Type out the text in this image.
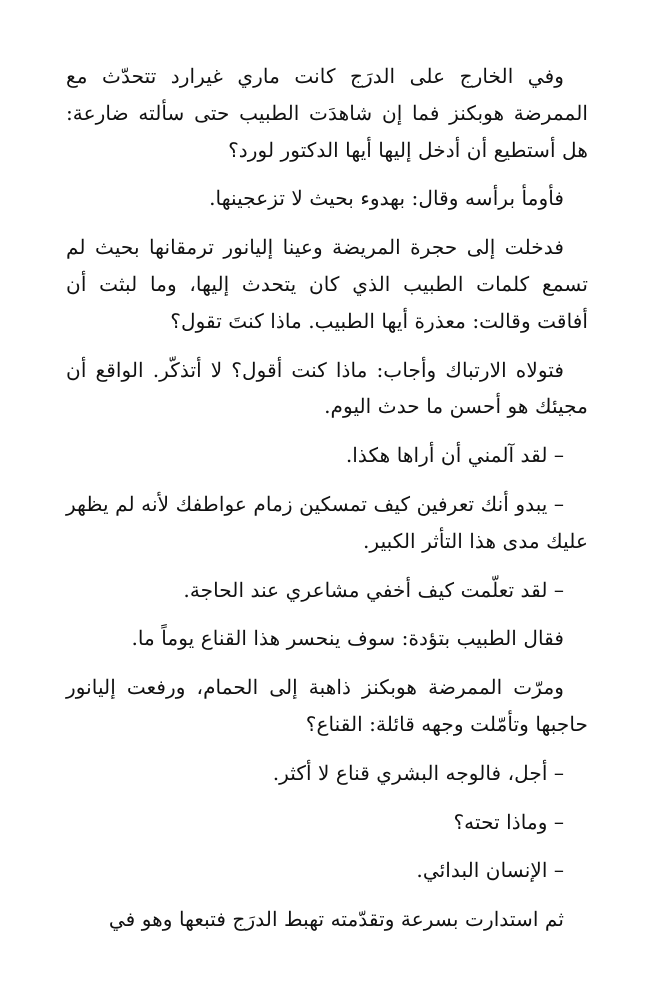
وفي الخارج على الدرَج كانت ماري غيرارد تتحدّث مع الممرضة هوبكنز فما إن شاهدَت الطبيب حتى سألته ضارعة: هل أستطيع أن أدخل إليها أيها الدكتور لورد؟

فأومأ برأسه وقال: بهدوء بحيث لا تزعجينها.

فدخلت إلى حجرة المريضة وعينا إليانور ترمقانها بحيث لم تسمع كلمات الطبيب الذي كان يتحدث إليها، وما لبثت أن أفاقت وقالت: معذرة أيها الطبيب. ماذا كنتَ تقول؟

فتولاه الارتباك وأجاب: ماذا كنت أقول؟ لا أتذكّر. الواقع أن مجيئك هو أحسن ما حدث اليوم.

– لقد آلمني أن أراها هكذا.

– يبدو أنك تعرفين كيف تمسكين زمام عواطفك لأنه لم يظهر عليك مدى هذا التأثر الكبير.

– لقد تعلّمت كيف أخفي مشاعري عند الحاجة.

فقال الطبيب بتؤدة: سوف ينحسر هذا القناع يوماً ما.

ومرّت الممرضة هوبكنز ذاهبة إلى الحمام، ورفعت إليانور حاجبها وتأمّلت وجهه قائلة: القناع؟

– أجل، فالوجه البشري قناع لا أكثر.

– وماذا تحته؟

– الإنسان البدائي.

ثم استدارت بسرعة وتقدّمته تهبط الدرَج فتبعها وهو في
